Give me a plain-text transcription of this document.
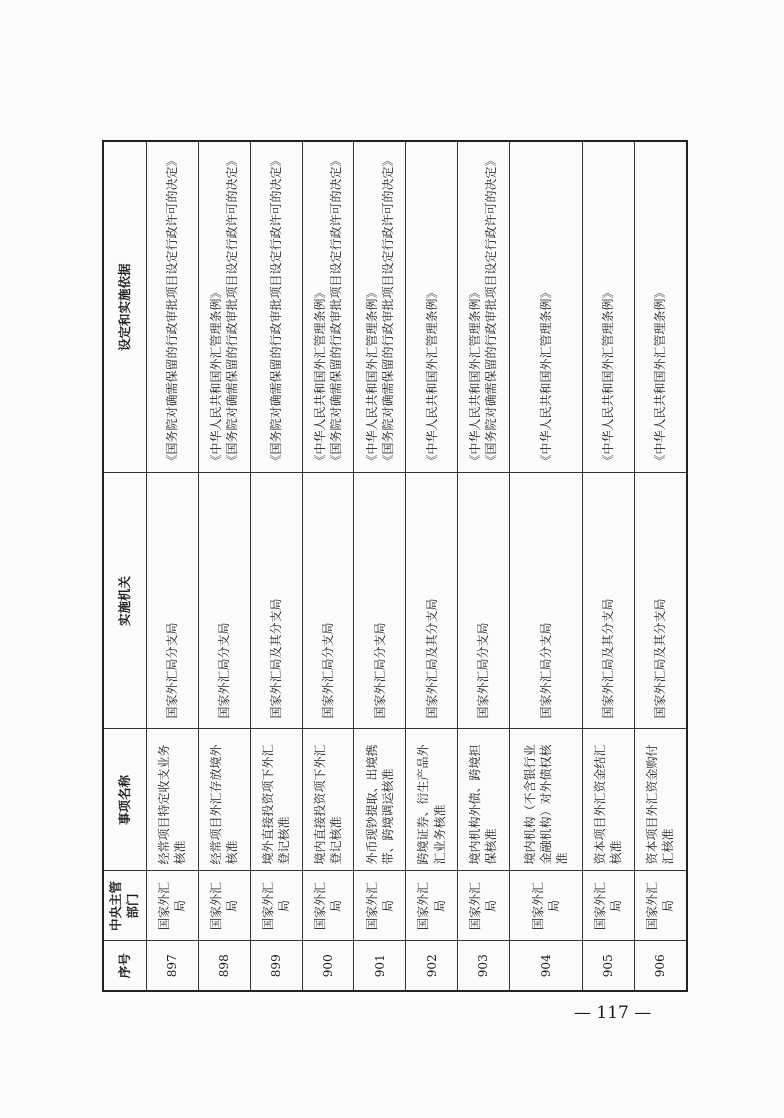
序号	中央主管部门	事项名称	实施机关	设定和实施依据
897	国家外汇局	经常项目特定收支业务核准	国家外汇局分支局	《国务院对确需保留的行政审批项目设定行政许可的决定》

898	国家外汇局	经常项目外汇存放境外核准	国家外汇局分支局	《中华人民共和国外汇管理条例》 《国务院对确需保留的行政审批项目设定行政许可的决定》

899	国家外汇局	境外直接投资项下外汇登记核准	国家外汇局及其分支局	《国务院对确需保留的行政审批项目设定行政许可的决定》

900	国家外汇局	境内直接投资项下外汇登记核准	国家外汇局分支局	《中华人民共和国外汇管理条例》 《国务院对确需保留的行政审批项目设定行政许可的决定》

901	国家外汇局	外币现钞提取、出境携带、跨境调运核准	国家外汇局分支局	《中华人民共和国外汇管理条例》 《国务院对确需保留的行政审批项目设定行政许可的决定》

902	国家外汇局	跨境证券、衍生产品外汇业务核准	国家外汇局及其分支局	《中华人民共和国外汇管理条例》

903	国家外汇局	境内机构外债、跨境担保核准	国家外汇局分支局	《中华人民共和国外汇管理条例》 《国务院对确需保留的行政审批项目设定行政许可的决定》

904	国家外汇局	境内机构（不含银行业金融机构）对外债权核准	国家外汇局分支局	《中华人民共和国外汇管理条例》

905	国家外汇局	资本项目外汇资金结汇核准	国家外汇局及其分支局	《中华人民共和国外汇管理条例》

906	国家外汇局	资本项目外汇资金购付汇核准	国家外汇局及其分支局	《中华人民共和国外汇管理条例》
— 117 —
